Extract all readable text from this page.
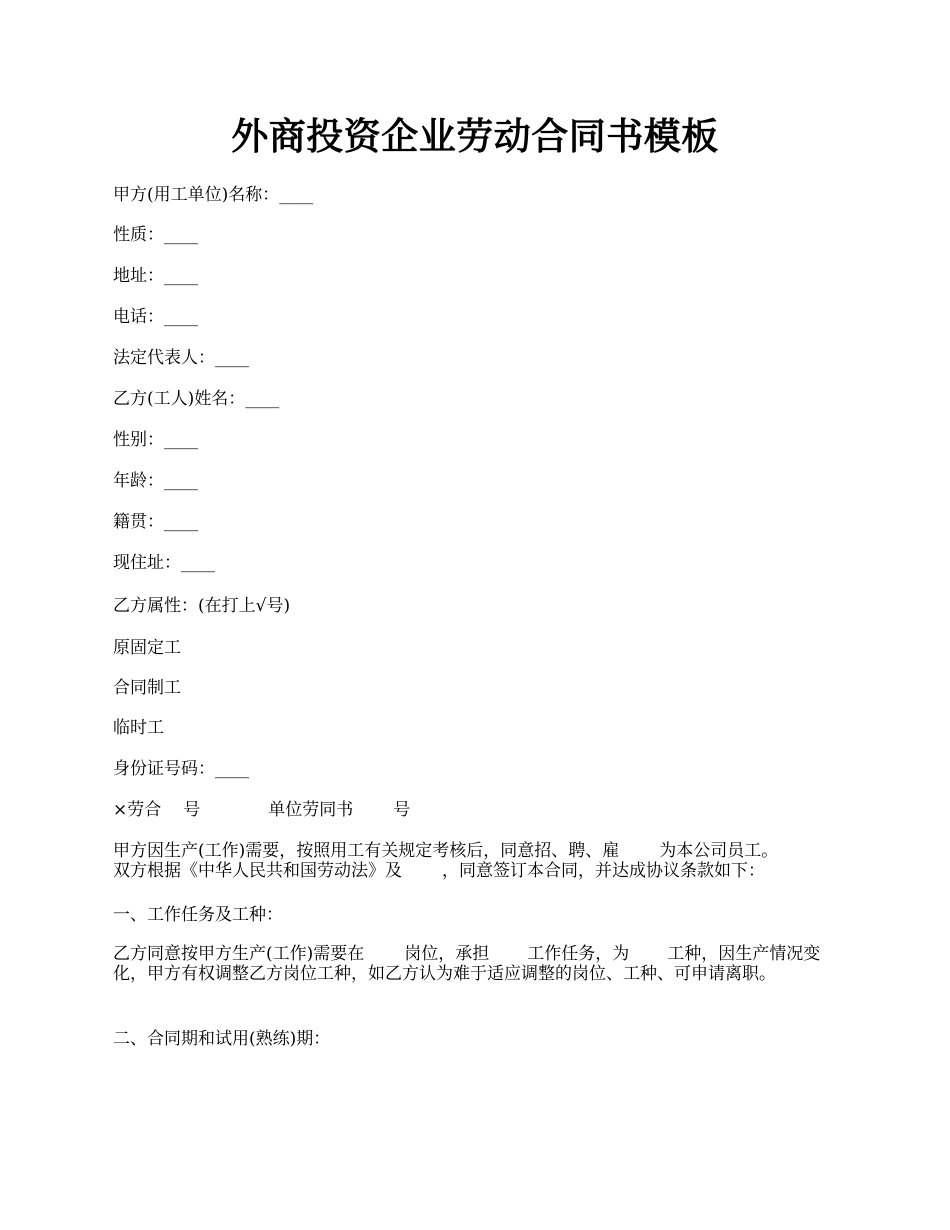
外商投资企业劳动合同书模板
甲方(用工单位)名称：____
性质：____
地址：____
电话：____
法定代表人：____
乙方(工人)姓名：____
性别：____
年龄：____
籍贯：____
现住址：____
乙方属性：(在打上√号)
原固定工
合同制工
临时工
身份证号码：____
×劳合 号	单位劳同书 号
甲方因生产(工作)需要，按照用工有关规定考核后，同意招、聘、雇 为本公司员工。
双方根据《中华人民共和国劳动法》及 ，同意签订本合同，并达成协议条款如下：
一、工作任务及工种：
乙方同意按甲方生产(工作)需要在 岗位，承担 工作任务，为 工种，因生产情况变化，甲方有权调整乙方岗位工种，如乙方认为难于适应调整的岗位、工种、可申请离职。
二、合同期和试用(熟练)期：
